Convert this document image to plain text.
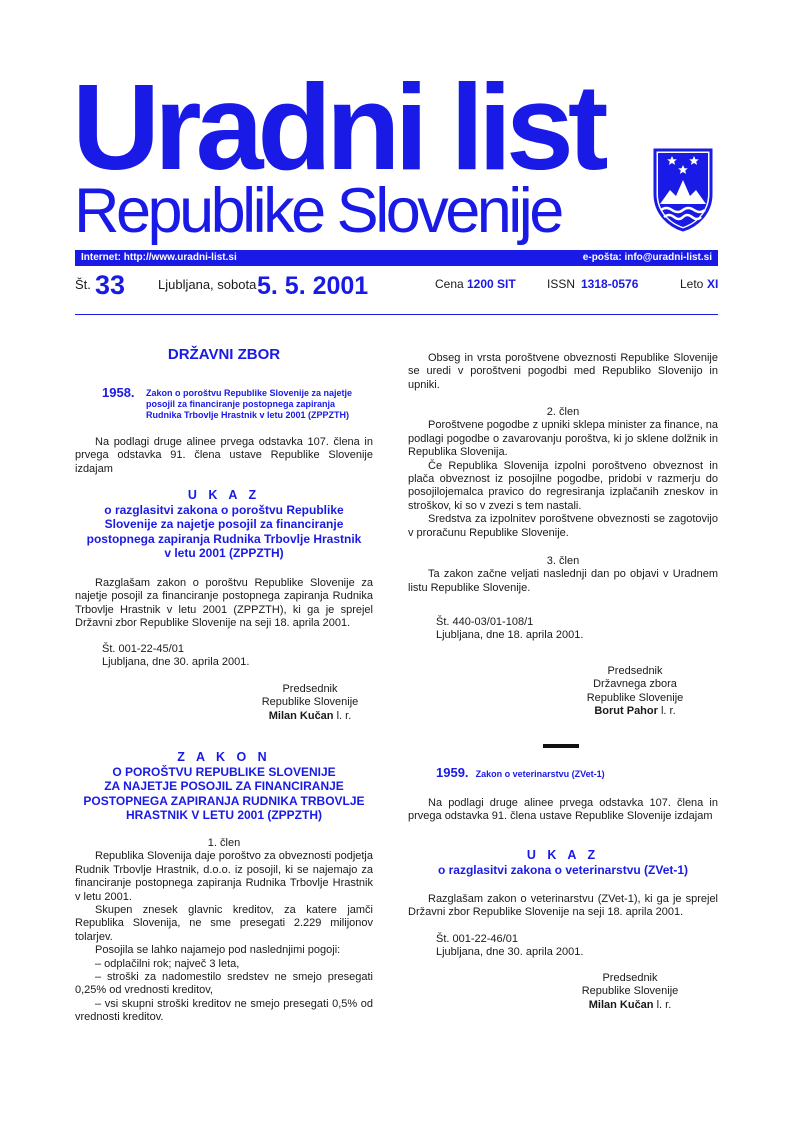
Uradni list
Republike Slovenije
Internet: http://www.uradni-list.si	e-pošta: info@uradni-list.si
Št. 33	Ljubljana, sobota 5. 5. 2001	Cena 1200 SIT	ISSN 1318-0576	Leto XI
DRŽAVNI ZBOR
1958. Zakon o poroštvu Republike Slovenije za najetje
posojil za financiranje postopnega zapiranja
Rudnika Trbovlje Hrastnik v letu 2001 (ZPPZTH)

Na podlagi druge alinee prvega odstavka 107. člena in prvega odstavka 91. člena ustave Republike Slovenije izdajam

U K A Z
o razglasitvi zakona o poroštvu Republike
Slovenije za najetje posojil za financiranje
postopnega zapiranja Rudnika Trbovlje Hrastnik
v letu 2001 (ZPPZTH)

Razglašam zakon o poroštvu Republike Slovenije za najetje posojil za financiranje postopnega zapiranja Rudnika Trbovlje Hrastnik v letu 2001 (ZPPZTH), ki ga je sprejel Državni zbor Republike Slovenije na seji 18. aprila 2001.

Št. 001-22-45/01

Ljubljana, dne 30. aprila 2001.

Predsednik

Republike Slovenije

Milan Kučan l. r.

Z A K O N
O POROŠTVU REPUBLIKE SLOVENIJE
ZA NAJETJE POSOJIL ZA FINANCIRANJE
POSTOPNEGA ZAPIRANJA RUDNIKA TRBOVLJE
HRASTNIK V LETU 2001 (ZPPZTH)

1. člen

Republika Slovenija daje poroštvo za obveznosti podjetja Rudnik Trbovlje Hrastnik, d.o.o. iz posojil, ki se najemajo za financiranje postopnega zapiranja Rudnika Trbovlje Hrastnik v letu 2001.

Skupen znesek glavnic kreditov, za katere jamči Republika Slovenija, ne sme presegati 2.229 milijonov tolarjev.

Posojila se lahko najamejo pod naslednjimi pogoji:

– odplačilni rok; največ 3 leta,

– stroški za nadomestilo sredstev ne smejo presegati 0,25% od vrednosti kreditov,

– vsi skupni stroški kreditov ne smejo presegati 0,5% od vrednosti kreditov.

Obseg in vrsta poroštvene obveznosti Republike Slovenije se uredi v poroštveni pogodbi med Republiko Slovenijo in upniki.

2. člen

Poroštvene pogodbe z upniki sklepa minister za finance, na podlagi pogodbe o zavarovanju poroštva, ki jo sklene dolžnik in Republika Slovenija.

Če Republika Slovenija izpolni poroštveno obveznost in plača obveznost iz posojilne pogodbe, pridobi v razmerju do posojilojemalca pravico do regresiranja izplačanih zneskov in stroškov, ki so v zvezi s tem nastali.

Sredstva za izpolnitev poroštvene obveznosti se zagotovijo v proračunu Republike Slovenije.

3. člen

Ta zakon začne veljati naslednji dan po objavi v Uradnem listu Republike Slovenije.

Št. 440-03/01-108/1

Ljubljana, dne 18. aprila 2001.

Predsednik

Državnega zbora

Republike Slovenije

Borut Pahor l. r.

1959. Zakon o veterinarstvu (ZVet-1)

Na podlagi druge alinee prvega odstavka 107. člena in prvega odstavka 91. člena ustave Republike Slovenije izdajam

U K A Z
o razglasitvi zakona o veterinarstvu (ZVet-1)

Razglašam zakon o veterinarstvu (ZVet-1), ki ga je sprejel Državni zbor Republike Slovenije na seji 18. aprila 2001.

Št. 001-22-46/01

Ljubljana, dne 30. aprila 2001.

Predsednik

Republike Slovenije

Milan Kučan l. r.
